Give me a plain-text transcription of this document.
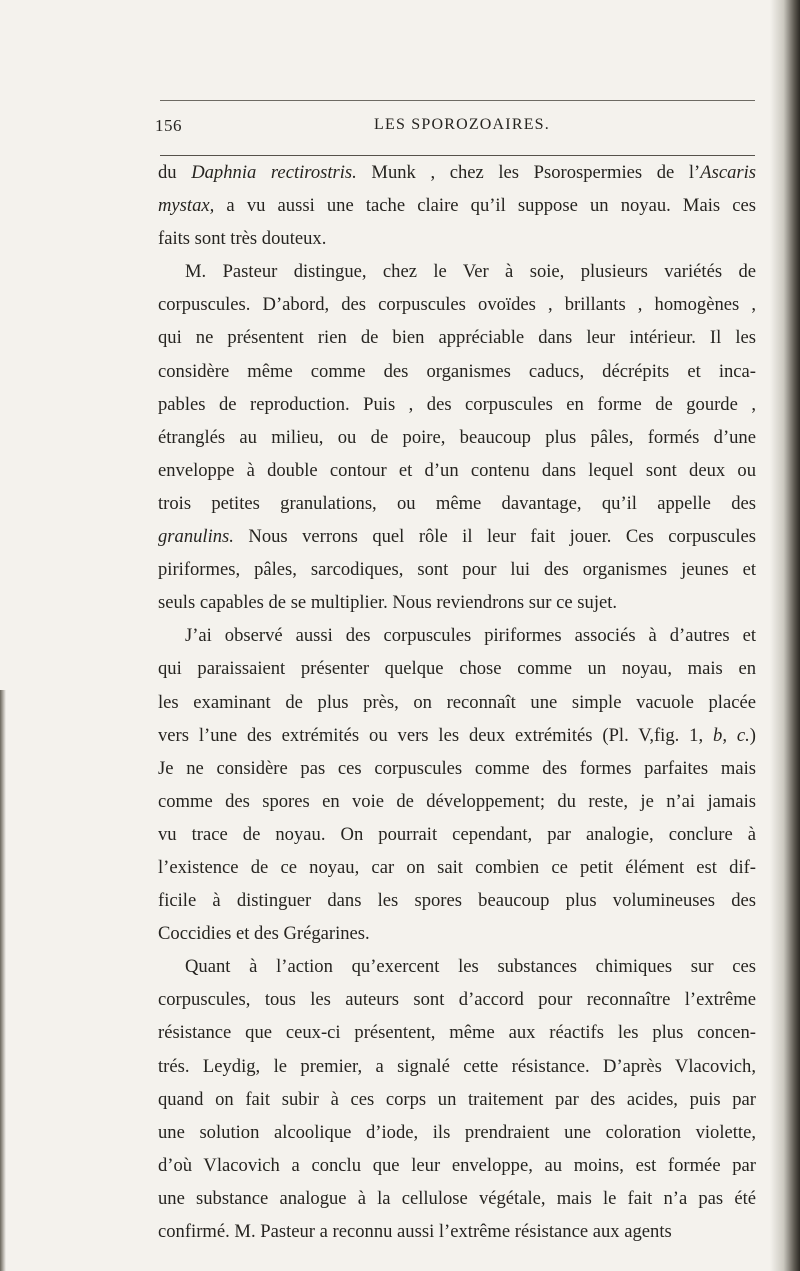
156	LES SPOROZOAIRES.
du Daphnia rectirostris. Munk , chez les Psorospermies de l’Ascaris
mystax, a vu aussi une tache claire qu’il suppose un noyau. Mais ces
faits sont très douteux.
M. Pasteur distingue, chez le Ver à soie, plusieurs variétés de
corpuscules. D’abord, des corpuscules ovoïdes , brillants , homogènes ,
qui ne présentent rien de bien appréciable dans leur intérieur. Il les
considère même comme des organismes caducs, décrépits et inca-
pables de reproduction. Puis , des corpuscules en forme de gourde ,
étranglés au milieu, ou de poire, beaucoup plus pâles, formés d’une
enveloppe à double contour et d’un contenu dans lequel sont deux ou
trois petites granulations, ou même davantage, qu’il appelle des
granulins. Nous verrons quel rôle il leur fait jouer. Ces corpuscules
piriformes, pâles, sarcodiques, sont pour lui des organismes jeunes et
seuls capables de se multiplier. Nous reviendrons sur ce sujet.
J’ai observé aussi des corpuscules piriformes associés à d’autres et
qui paraissaient présenter quelque chose comme un noyau, mais en
les examinant de plus près, on reconnaît une simple vacuole placée
vers l’une des extrémités ou vers les deux extrémités (Pl. V,fig. 1, b, c.)
Je ne considère pas ces corpuscules comme des formes parfaites mais
comme des spores en voie de développement; du reste, je n’ai jamais
vu trace de noyau. On pourrait cependant, par analogie, conclure à
l’existence de ce noyau, car on sait combien ce petit élément est dif-
ficile à distinguer dans les spores beaucoup plus volumineuses des
Coccidies et des Grégarines.
Quant à l’action qu’exercent les substances chimiques sur ces
corpuscules, tous les auteurs sont d’accord pour reconnaître l’extrême
résistance que ceux-ci présentent, même aux réactifs les plus concen-
trés. Leydig, le premier, a signalé cette résistance. D’après Vlacovich,
quand on fait subir à ces corps un traitement par des acides, puis par
une solution alcoolique d’iode, ils prendraient une coloration violette,
d’où Vlacovich a conclu que leur enveloppe, au moins, est formée par
une substance analogue à la cellulose végétale, mais le fait n’a pas été
confirmé. M. Pasteur a reconnu aussi l’extrême résistance aux agents
